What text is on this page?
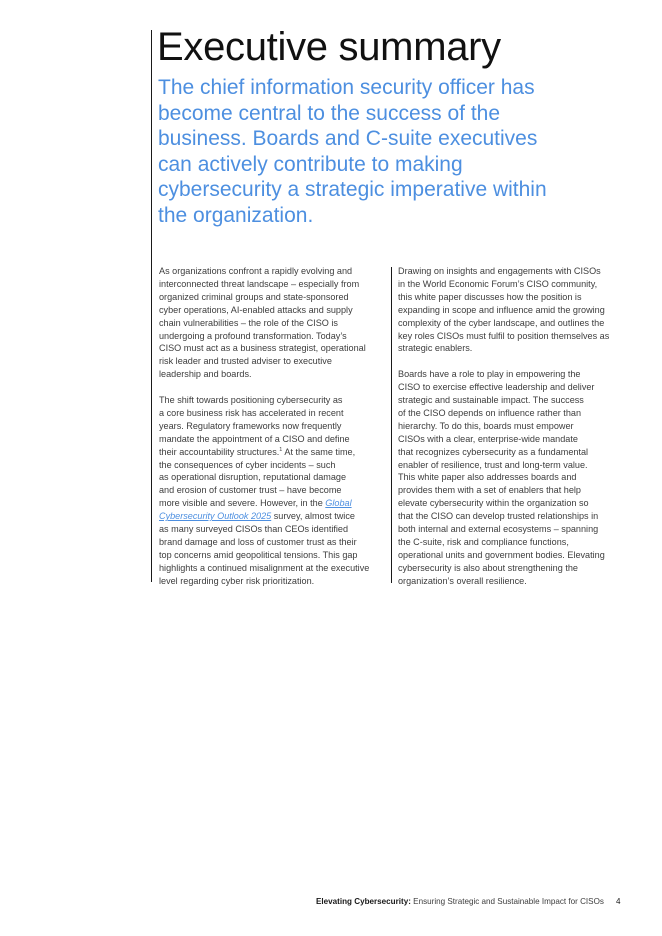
Executive summary
The chief information security officer has
become central to the success of the
business. Boards and C-suite executives
can actively contribute to making
cybersecurity a strategic imperative within
the organization.

As organizations confront a rapidly evolving and
interconnected threat landscape – especially from
organized criminal groups and state-sponsored
cyber operations, AI-enabled attacks and supply
chain vulnerabilities – the role of the CISO is
undergoing a profound transformation. Today’s
CISO must act as a business strategist, operational
risk leader and trusted adviser to executive
leadership and boards.

The shift towards positioning cybersecurity as
a core business risk has accelerated in recent
years. Regulatory frameworks now frequently
mandate the appointment of a CISO and define
their accountability structures.$^1$ At the same time,
the consequences of cyber incidents – such
as operational disruption, reputational damage
and erosion of customer trust – have become
more visible and severe. However, in the Global
Cybersecurity Outlook 2025 survey, almost twice
as many surveyed CISOs than CEOs identified
brand damage and loss of customer trust as their
top concerns amid geopolitical tensions. This gap
highlights a continued misalignment at the executive
level regarding cyber risk prioritization.

Drawing on insights and engagements with CISOs
in the World Economic Forum’s CISO community,
this white paper discusses how the position is
expanding in scope and influence amid the growing
complexity of the cyber landscape, and outlines the
key roles CISOs must fulfil to position themselves as
strategic enablers.

Boards have a role to play in empowering the
CISO to exercise effective leadership and deliver
strategic and sustainable impact. The success
of the CISO depends on influence rather than
hierarchy. To do this, boards must empower
CISOs with a clear, enterprise-wide mandate
that recognizes cybersecurity as a fundamental
enabler of resilience, trust and long-term value.
This white paper also addresses boards and
provides them with a set of enablers that help
elevate cybersecurity within the organization so
that the CISO can develop trusted relationships in
both internal and external ecosystems – spanning
the C-suite, risk and compliance functions,
operational units and government bodies. Elevating
cybersecurity is also about strengthening the
organization’s overall resilience.

Elevating Cybersecurity: Ensuring Strategic and Sustainable Impact for CISOs 4
